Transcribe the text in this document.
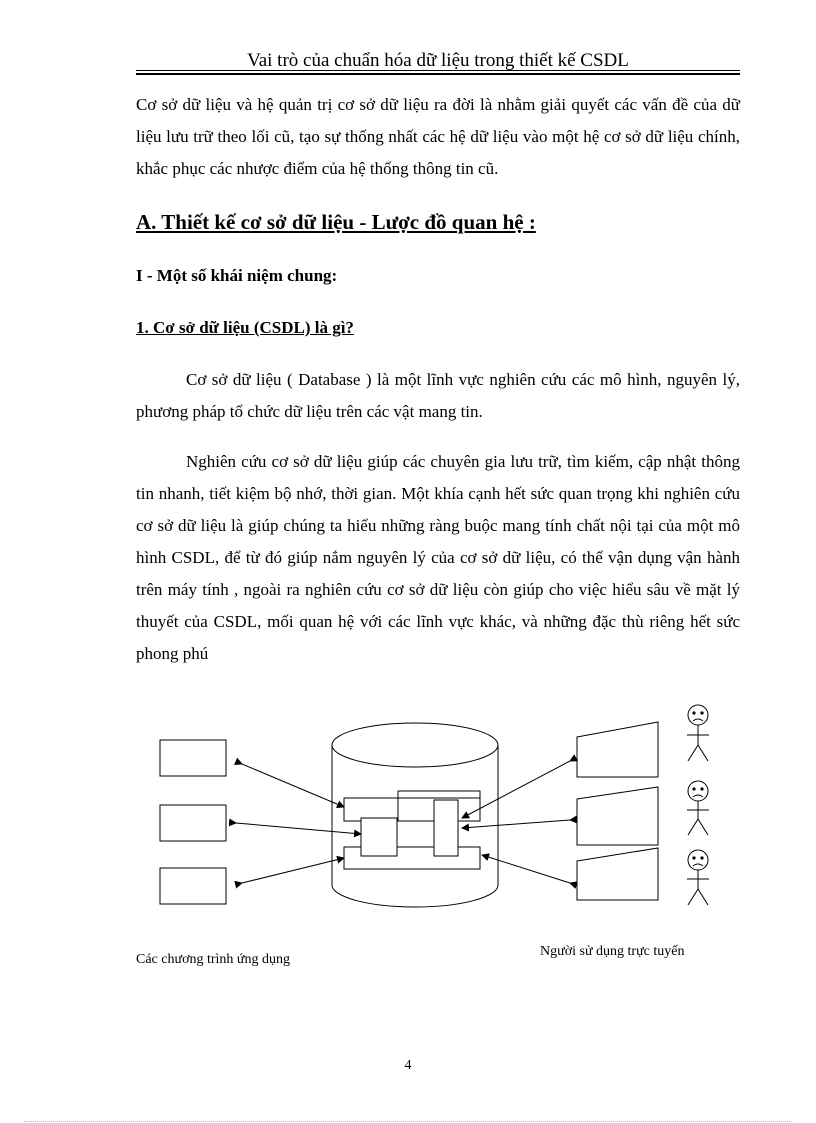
Vai trò của chuẩn hóa dữ liệu trong thiết kế CSDL

Cơ sở dữ liệu và hệ quản trị cơ sở dữ liệu ra đời là nhằm giải quyết các vấn đề của dữ liệu lưu trữ theo lối cũ, tạo sự thống nhất các hệ dữ liệu vào một hệ cơ sở dữ liệu chính, khắc phục các nhược điểm của hệ thống thông tin cũ.

A. Thiết kế cơ sở dữ liệu - Lược đồ quan hệ :
I - Một số khái niệm chung:
1. Cơ sở dữ liệu (CSDL) là gì?

Cơ sở dữ liệu ( Database ) là một lĩnh vực nghiên cứu các mô hình, nguyên lý, phương pháp tổ chức dữ liệu trên các vật mang tin.

Nghiên cứu cơ sở dữ liệu giúp các chuyên gia lưu trữ, tìm kiếm, cập nhật thông tin nhanh, tiết kiệm bộ nhớ, thời gian. Một khía cạnh hết sức quan trọng khi nghiên cứu cơ sở dữ liệu là giúp chúng ta hiểu những ràng buộc mang tính chất nội tại của một mô hình CSDL, để từ đó giúp nắm nguyên lý của cơ sở dữ liệu, có thể vận dụng vận hành trên máy tính , ngoài ra nghiên cứu cơ sở dữ liệu còn giúp cho việc hiểu sâu về mặt lý thuyết của CSDL, mối quan hệ với các lĩnh vực khác, và những đặc thù riêng hết sức phong phú

Các chương trình ứng dụng
Người sử dụng trực tuyến
4
